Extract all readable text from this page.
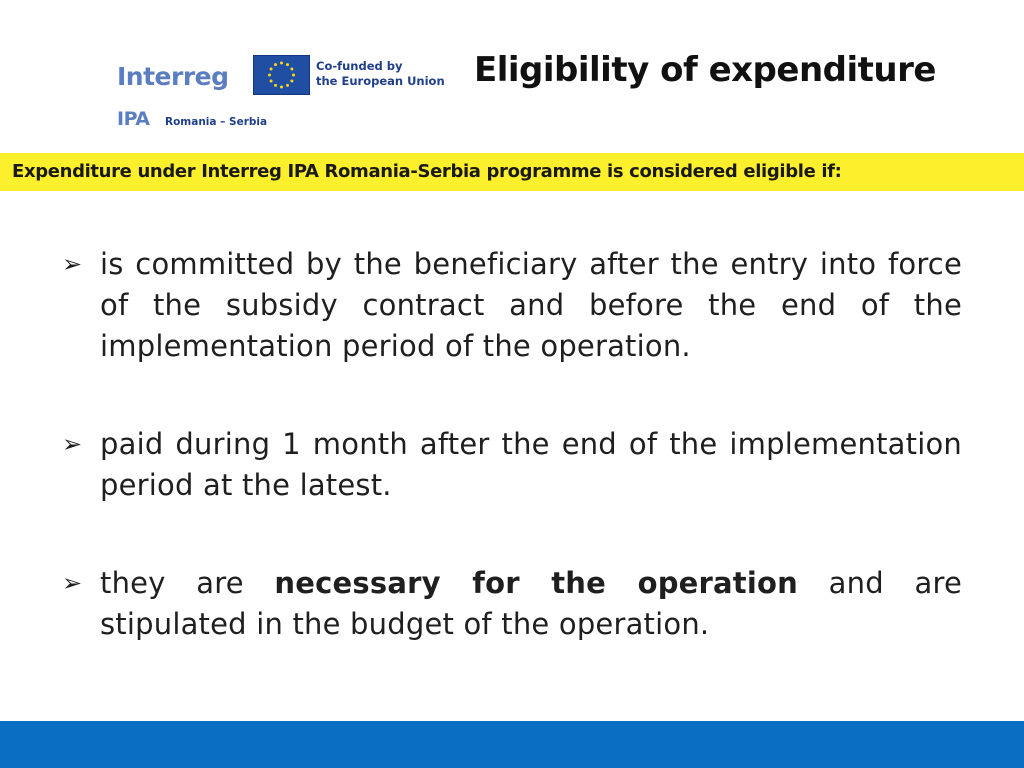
Interreg	Co-funded by
the European Union
IPA Romania – Serbia
Eligibility of expenditure
Expenditure under Interreg IPA Romania-Serbia programme is considered eligible if:
➢ is committed by the beneficiary after the entry into force of the subsidy contract and before the end of the implementation period of the operation.
➢ paid during 1 month after the end of the implementation period at the latest.
➢ they are necessary for the operation and are stipulated in the budget of the operation.
